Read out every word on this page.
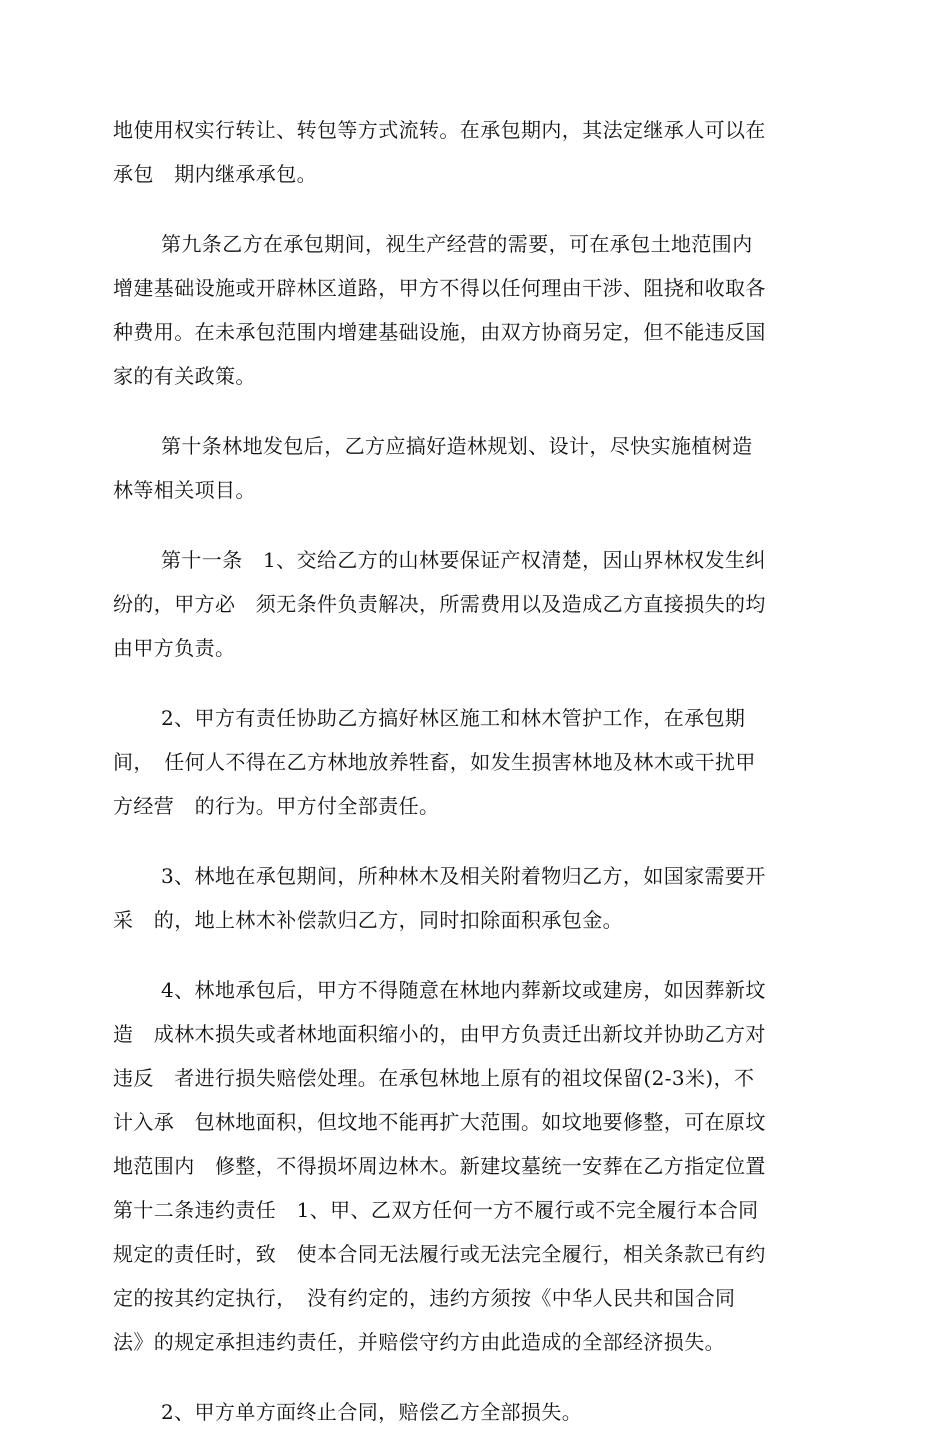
地使用权实行转让、转包等方式流转。在承包期内，其法定继承人可以在
承包　期内继承承包。
第九条乙方在承包期间，视生产经营的需要，可在承包土地范围内
增建基础设施或开辟林区道路，甲方不得以任何理由干涉、阻挠和收取各
种费用。在未承包范围内增建基础设施，由双方协商另定，但不能违反国
家的有关政策。
第十条林地发包后，乙方应搞好造林规划、设计，尽快实施植树造
林等相关项目。
第十一条　1、交给乙方的山林要保证产权清楚，因山界林权发生纠
纷的，甲方必　须无条件负责解决，所需费用以及造成乙方直接损失的均
由甲方负责。
2、甲方有责任协助乙方搞好林区施工和林木管护工作，在承包期
间，　任何人不得在乙方林地放养牲畜，如发生损害林地及林木或干扰甲
方经营　的行为。甲方付全部责任。
3、林地在承包期间，所种林木及相关附着物归乙方，如国家需要开
采　的，地上林木补偿款归乙方，同时扣除面积承包金。
4、林地承包后，甲方不得随意在林地内葬新坟或建房，如因葬新坟
造　成林木损失或者林地面积缩小的，由甲方负责迁出新坟并协助乙方对
违反　者进行损失赔偿处理。在承包林地上原有的祖坟保留(2-3米)，不
计入承　包林地面积，但坟地不能再扩大范围。如坟地要修整，可在原坟
地范围内　修整，不得损坏周边林木。新建坟墓统一安葬在乙方指定位置
第十二条违约责任　1、甲、乙双方任何一方不履行或不完全履行本合同
规定的责任时，致　使本合同无法履行或无法完全履行，相关条款已有约
定的按其约定执行，　没有约定的，违约方须按《中华人民共和国合同
法》的规定承担违约责任，并赔偿守约方由此造成的全部经济损失。
2、甲方单方面终止合同，赔偿乙方全部损失。
